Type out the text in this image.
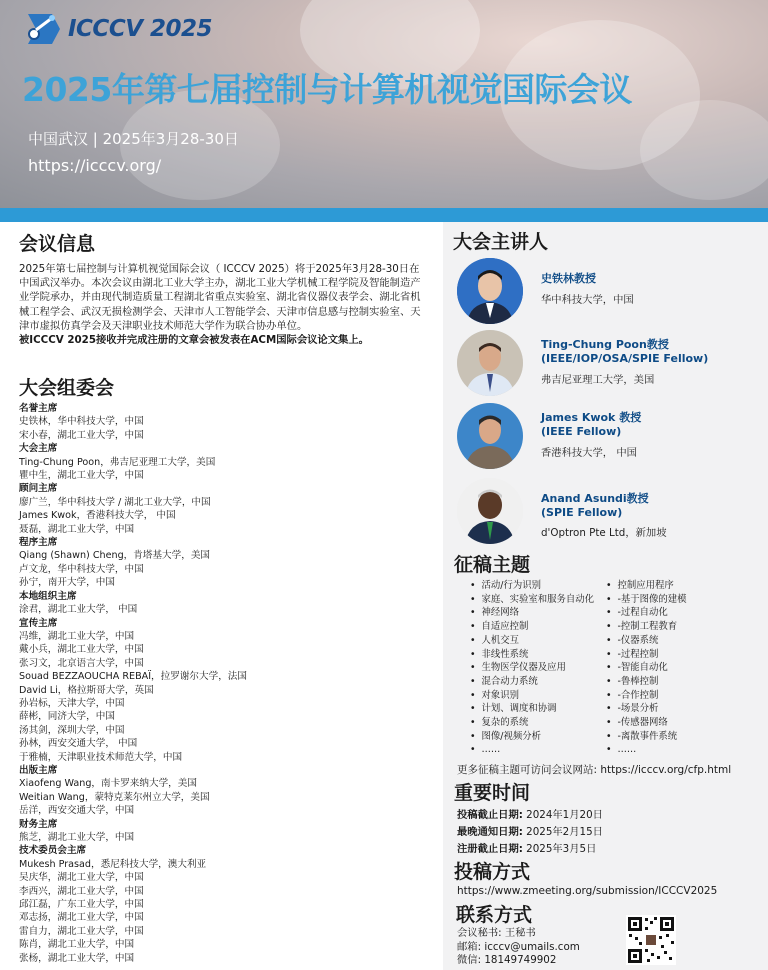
ICCCV 2025
2025年第七届控制与计算机视觉国际会议
中国武汉 | 2025年3月28-30日
https://icccv.org/
会议信息
2025年第七届控制与计算机视觉国际会议（ ICCCV 2025）将于2025年3月28-30日在中国武汉举办。本次会议由湖北工业大学主办，湖北工业大学机械工程学院及智能制造产业学院承办，并由现代制造质量工程湖北省重点实验室、湖北省仪器仪表学会、湖北省机械工程学会、武汉无损检测学会、天津市人工智能学会、天津市信息感与控制实验室、天津市虚拟仿真学会及天津职业技术师范大学作为联合协办单位。
被ICCCV 2025接收并完成注册的文章会被发表在ACM国际会议论文集上。
大会组委会
名誉主席
史铁林，华中科技大学，中国
宋小春，湖北工业大学，中国
大会主席
Ting-Chung Poon，弗吉尼亚理工大学，美国
瞿中生，湖北工业大学，中国
顾问主席
廖广兰，华中科技大学 / 湖北工业大学，中国
James Kwok，香港科技大学， 中国
聂磊，湖北工业大学，中国
程序主席
Qiang (Shawn) Cheng，肯塔基大学，美国
卢文龙，华中科技大学，中国
孙宁，南开大学，中国
本地组织主席
涂君，湖北工业大学， 中国
宣传主席
冯维，湖北工业大学，中国
戴小兵，湖北工业大学，中国
张习文，北京语言大学，中国
Souad BEZZAOUCHA REBAÏ，拉罗谢尔大学，法国
David Li，格拉斯哥大学，英国
孙岩标，天津大学，中国
薛彬，同济大学，中国
汤其剑，深圳大学，中国
孙林，西安交通大学， 中国
于雅楠，天津职业技术师范大学，中国
出版主席
Xiaofeng Wang，南卡罗来纳大学，美国
Weitian Wang，蒙特克莱尔州立大学，美国
岳洋，西安交通大学，中国
财务主席
熊芝，湖北工业大学，中国
技术委员会主席
Mukesh Prasad，悉尼科技大学，澳大利亚
吴庆华，湖北工业大学，中国
李西兴，湖北工业大学，中国
邱江磊，广东工业大学，中国
邓志扬，湖北工业大学，中国
雷自力，湖北工业大学，中国
陈肖，湖北工业大学，中国
张杨，湖北工业大学，中国
大会主讲人
史铁林教授
华中科技大学，中国
Ting-Chung Poon教授
(IEEE/IOP/OSA/SPIE Fellow)
弗吉尼亚理工大学，美国
James Kwok 教授
(IEEE Fellow)
香港科技大学， 中国
Anand Asundi教授
(SPIE Fellow)
d'Optron Pte Ltd，新加坡
征稿主题
• 活动/行为识别
• 家庭、实验室和服务自动化
• 神经网络
• 自适应控制
• 人机交互
• 非线性系统
• 生物医学仪器及应用
• 混合动力系统
• 对象识别
• 计划、调度和协调
• 复杂的系统
• 图像/视频分析
• ……
• 控制应用程序
• -基于图像的建模
• -过程自动化
• -控制工程教育
• -仪器系统
• -过程控制
• -智能自动化
• -鲁棒控制
• -合作控制
• -场景分析
• -传感器网络
• -离散事件系统
• ……
更多征稿主题可访问会议网站: https://icccv.org/cfp.html
重要时间
投稿截止日期: 2024年1月20日
最晚通知日期: 2025年2月15日
注册截止日期: 2025年3月5日
投稿方式
https://www.zmeeting.org/submission/ICCCV2025
联系方式
会议秘书: 王秘书
邮箱: icccv@umails.com
微信: 18149749902
